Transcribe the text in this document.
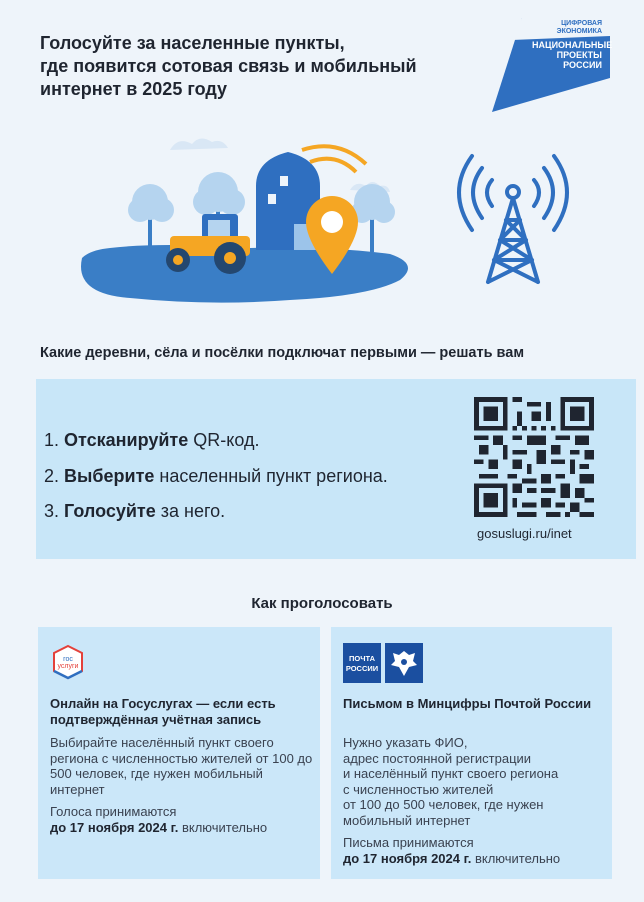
Голосуйте за населенные пункты,
где появится сотовая связь и мобильный
интернет в 2025 году
ЦИФРОВАЯ
ЭКОНОМИКА
НАЦИОНАЛЬНЫЕ
ПРОЕКТЫ
РОССИИ
Какие деревни, сёла и посёлки подключат первыми — решать вам
1. Отсканируйте QR-код.
2. Выберите населенный пункт региона.
3. Голосуйте за него.
gosuslugi.ru/inet
Как проголосовать
гос
услуги
Онлайн на Госуслугах — если есть подтверждённая учётная запись

Выбирайте населённый пункт своего региона с численностью жителей от 100 до 500 человек, где нужен мобильный интернет

Голоса принимаются
до 17 ноября 2024 г. включительно

ПОЧТА
РОССИИ
Письмом в Минцифры Почтой России

Нужно указать ФИО,
адрес постоянной регистрации
и населённый пункт своего региона
с численностью жителей
от 100 до 500 человек, где нужен
мобильный интернет

Письма принимаются
до 17 ноября 2024 г. включительно
